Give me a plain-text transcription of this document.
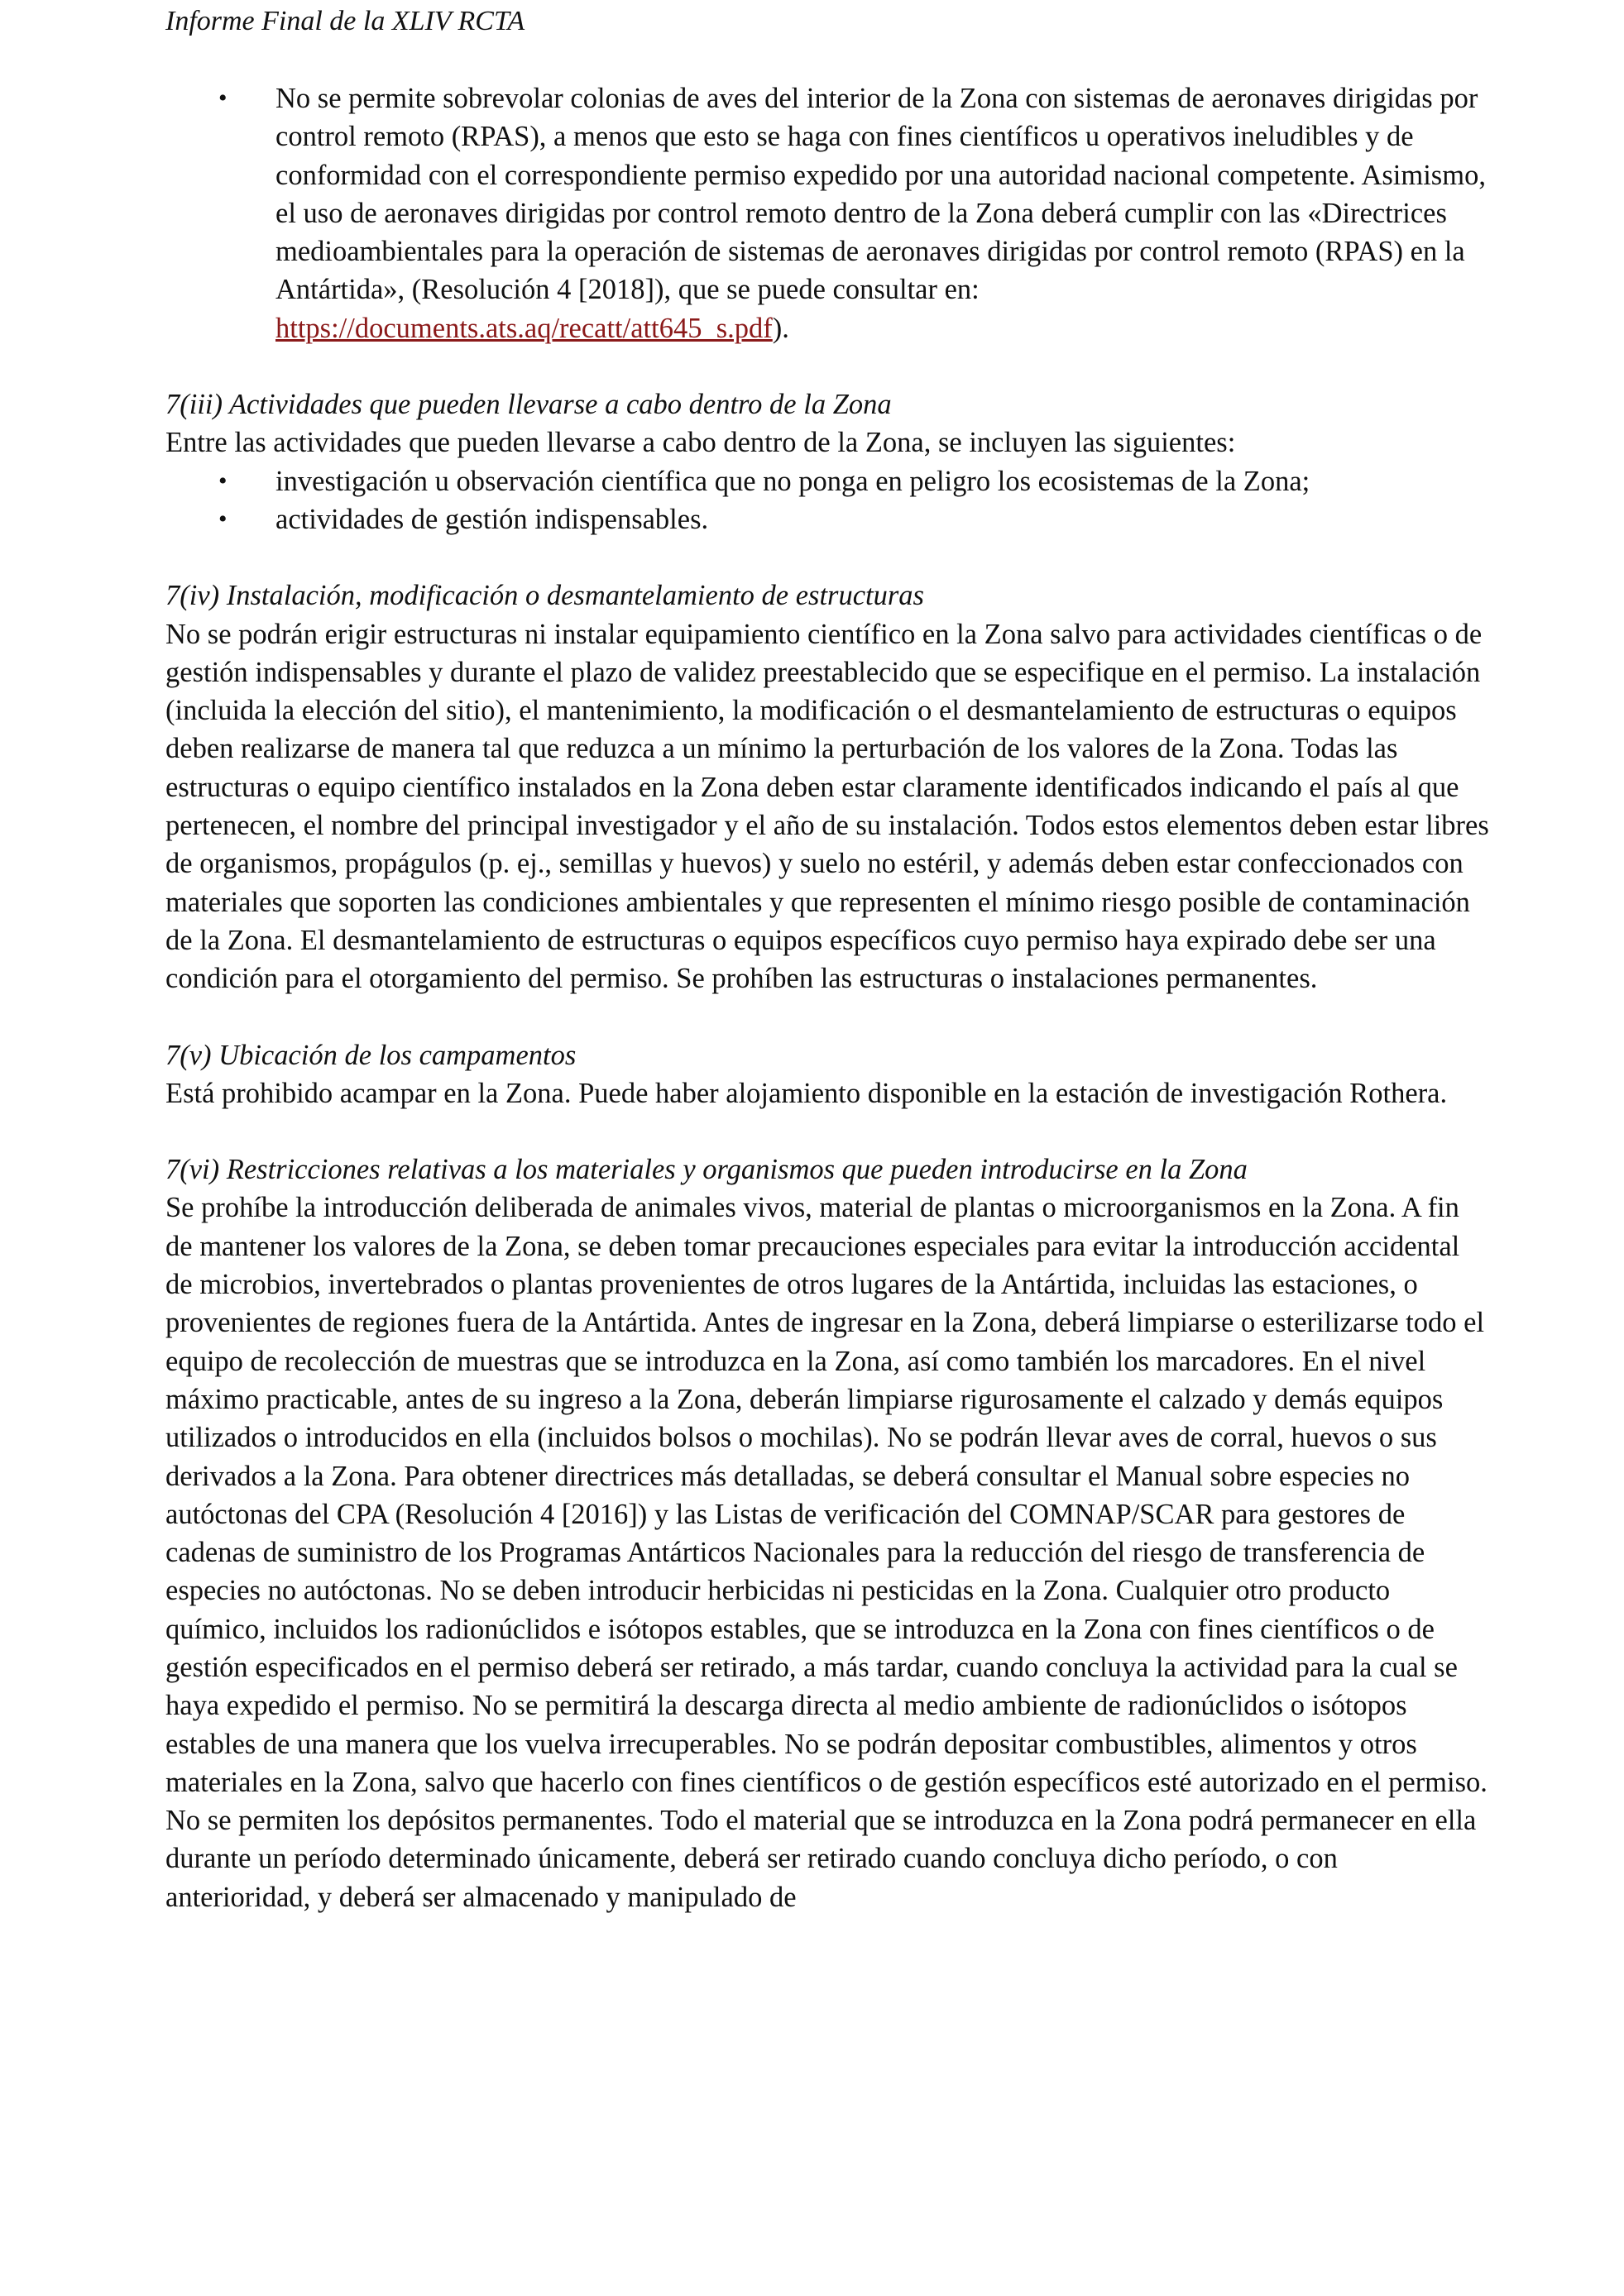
Informe Final de la XLIV RCTA

• No se permite sobrevolar colonias de aves del interior de la Zona con sistemas de aeronaves dirigidas por control remoto (RPAS), a menos que esto se haga con fines científicos u operativos ineludibles y de conformidad con el correspondiente permiso expedido por una autoridad nacional competente. Asimismo, el uso de aeronaves dirigidas por control remoto dentro de la Zona deberá cumplir con las «Directrices medioambientales para la operación de sistemas de aeronaves dirigidas por control remoto (RPAS) en la Antártida», (Resolución 4 [2018]), que se puede consultar en: https://documents.ats.aq/recatt/att645_s.pdf).

7(iii) Actividades que pueden llevarse a cabo dentro de la Zona

Entre las actividades que pueden llevarse a cabo dentro de la Zona, se incluyen las siguientes:

• investigación u observación científica que no ponga en peligro los ecosistemas de la Zona;
• actividades de gestión indispensables.

7(iv) Instalación, modificación o desmantelamiento de estructuras

No se podrán erigir estructuras ni instalar equipamiento científico en la Zona salvo para actividades científicas o de gestión indispensables y durante el plazo de validez preestablecido que se especifique en el permiso. La instalación (incluida la elección del sitio), el mantenimiento, la modificación o el desmantelamiento de estructuras o equipos deben realizarse de manera tal que reduzca a un mínimo la perturbación de los valores de la Zona. Todas las estructuras o equipo científico instalados en la Zona deben estar claramente identificados indicando el país al que pertenecen, el nombre del principal investigador y el año de su instalación. Todos estos elementos deben estar libres de organismos, propágulos (p. ej., semillas y huevos) y suelo no estéril, y además deben estar confeccionados con materiales que soporten las condiciones ambientales y que representen el mínimo riesgo posible de contaminación de la Zona. El desmantelamiento de estructuras o equipos específicos cuyo permiso haya expirado debe ser una condición para el otorgamiento del permiso. Se prohíben las estructuras o instalaciones permanentes.

7(v) Ubicación de los campamentos

Está prohibido acampar en la Zona. Puede haber alojamiento disponible en la estación de investigación Rothera.

7(vi) Restricciones relativas a los materiales y organismos que pueden introducirse en la Zona

Se prohíbe la introducción deliberada de animales vivos, material de plantas o microorganismos en la Zona. A fin de mantener los valores de la Zona, se deben tomar precauciones especiales para evitar la introducción accidental de microbios, invertebrados o plantas provenientes de otros lugares de la Antártida, incluidas las estaciones, o provenientes de regiones fuera de la Antártida. Antes de ingresar en la Zona, deberá limpiarse o esterilizarse todo el equipo de recolección de muestras que se introduzca en la Zona, así como también los marcadores. En el nivel máximo practicable, antes de su ingreso a la Zona, deberán limpiarse rigurosamente el calzado y demás equipos utilizados o introducidos en ella (incluidos bolsos o mochilas). No se podrán llevar aves de corral, huevos o sus derivados a la Zona. Para obtener directrices más detalladas, se deberá consultar el Manual sobre especies no autóctonas del CPA (Resolución 4 [2016]) y las Listas de verificación del COMNAP/SCAR para gestores de cadenas de suministro de los Programas Antárticos Nacionales para la reducción del riesgo de transferencia de especies no autóctonas. No se deben introducir herbicidas ni pesticidas en la Zona. Cualquier otro producto químico, incluidos los radionúclidos e isótopos estables, que se introduzca en la Zona con fines científicos o de gestión especificados en el permiso deberá ser retirado, a más tardar, cuando concluya la actividad para la cual se haya expedido el permiso. No se permitirá la descarga directa al medio ambiente de radionúclidos o isótopos estables de una manera que los vuelva irrecuperables. No se podrán depositar combustibles, alimentos y otros materiales en la Zona, salvo que hacerlo con fines científicos o de gestión específicos esté autorizado en el permiso. No se permiten los depósitos permanentes. Todo el material que se introduzca en la Zona podrá permanecer en ella durante un período determinado únicamente, deberá ser retirado cuando concluya dicho período, o con anterioridad, y deberá ser almacenado y manipulado de
